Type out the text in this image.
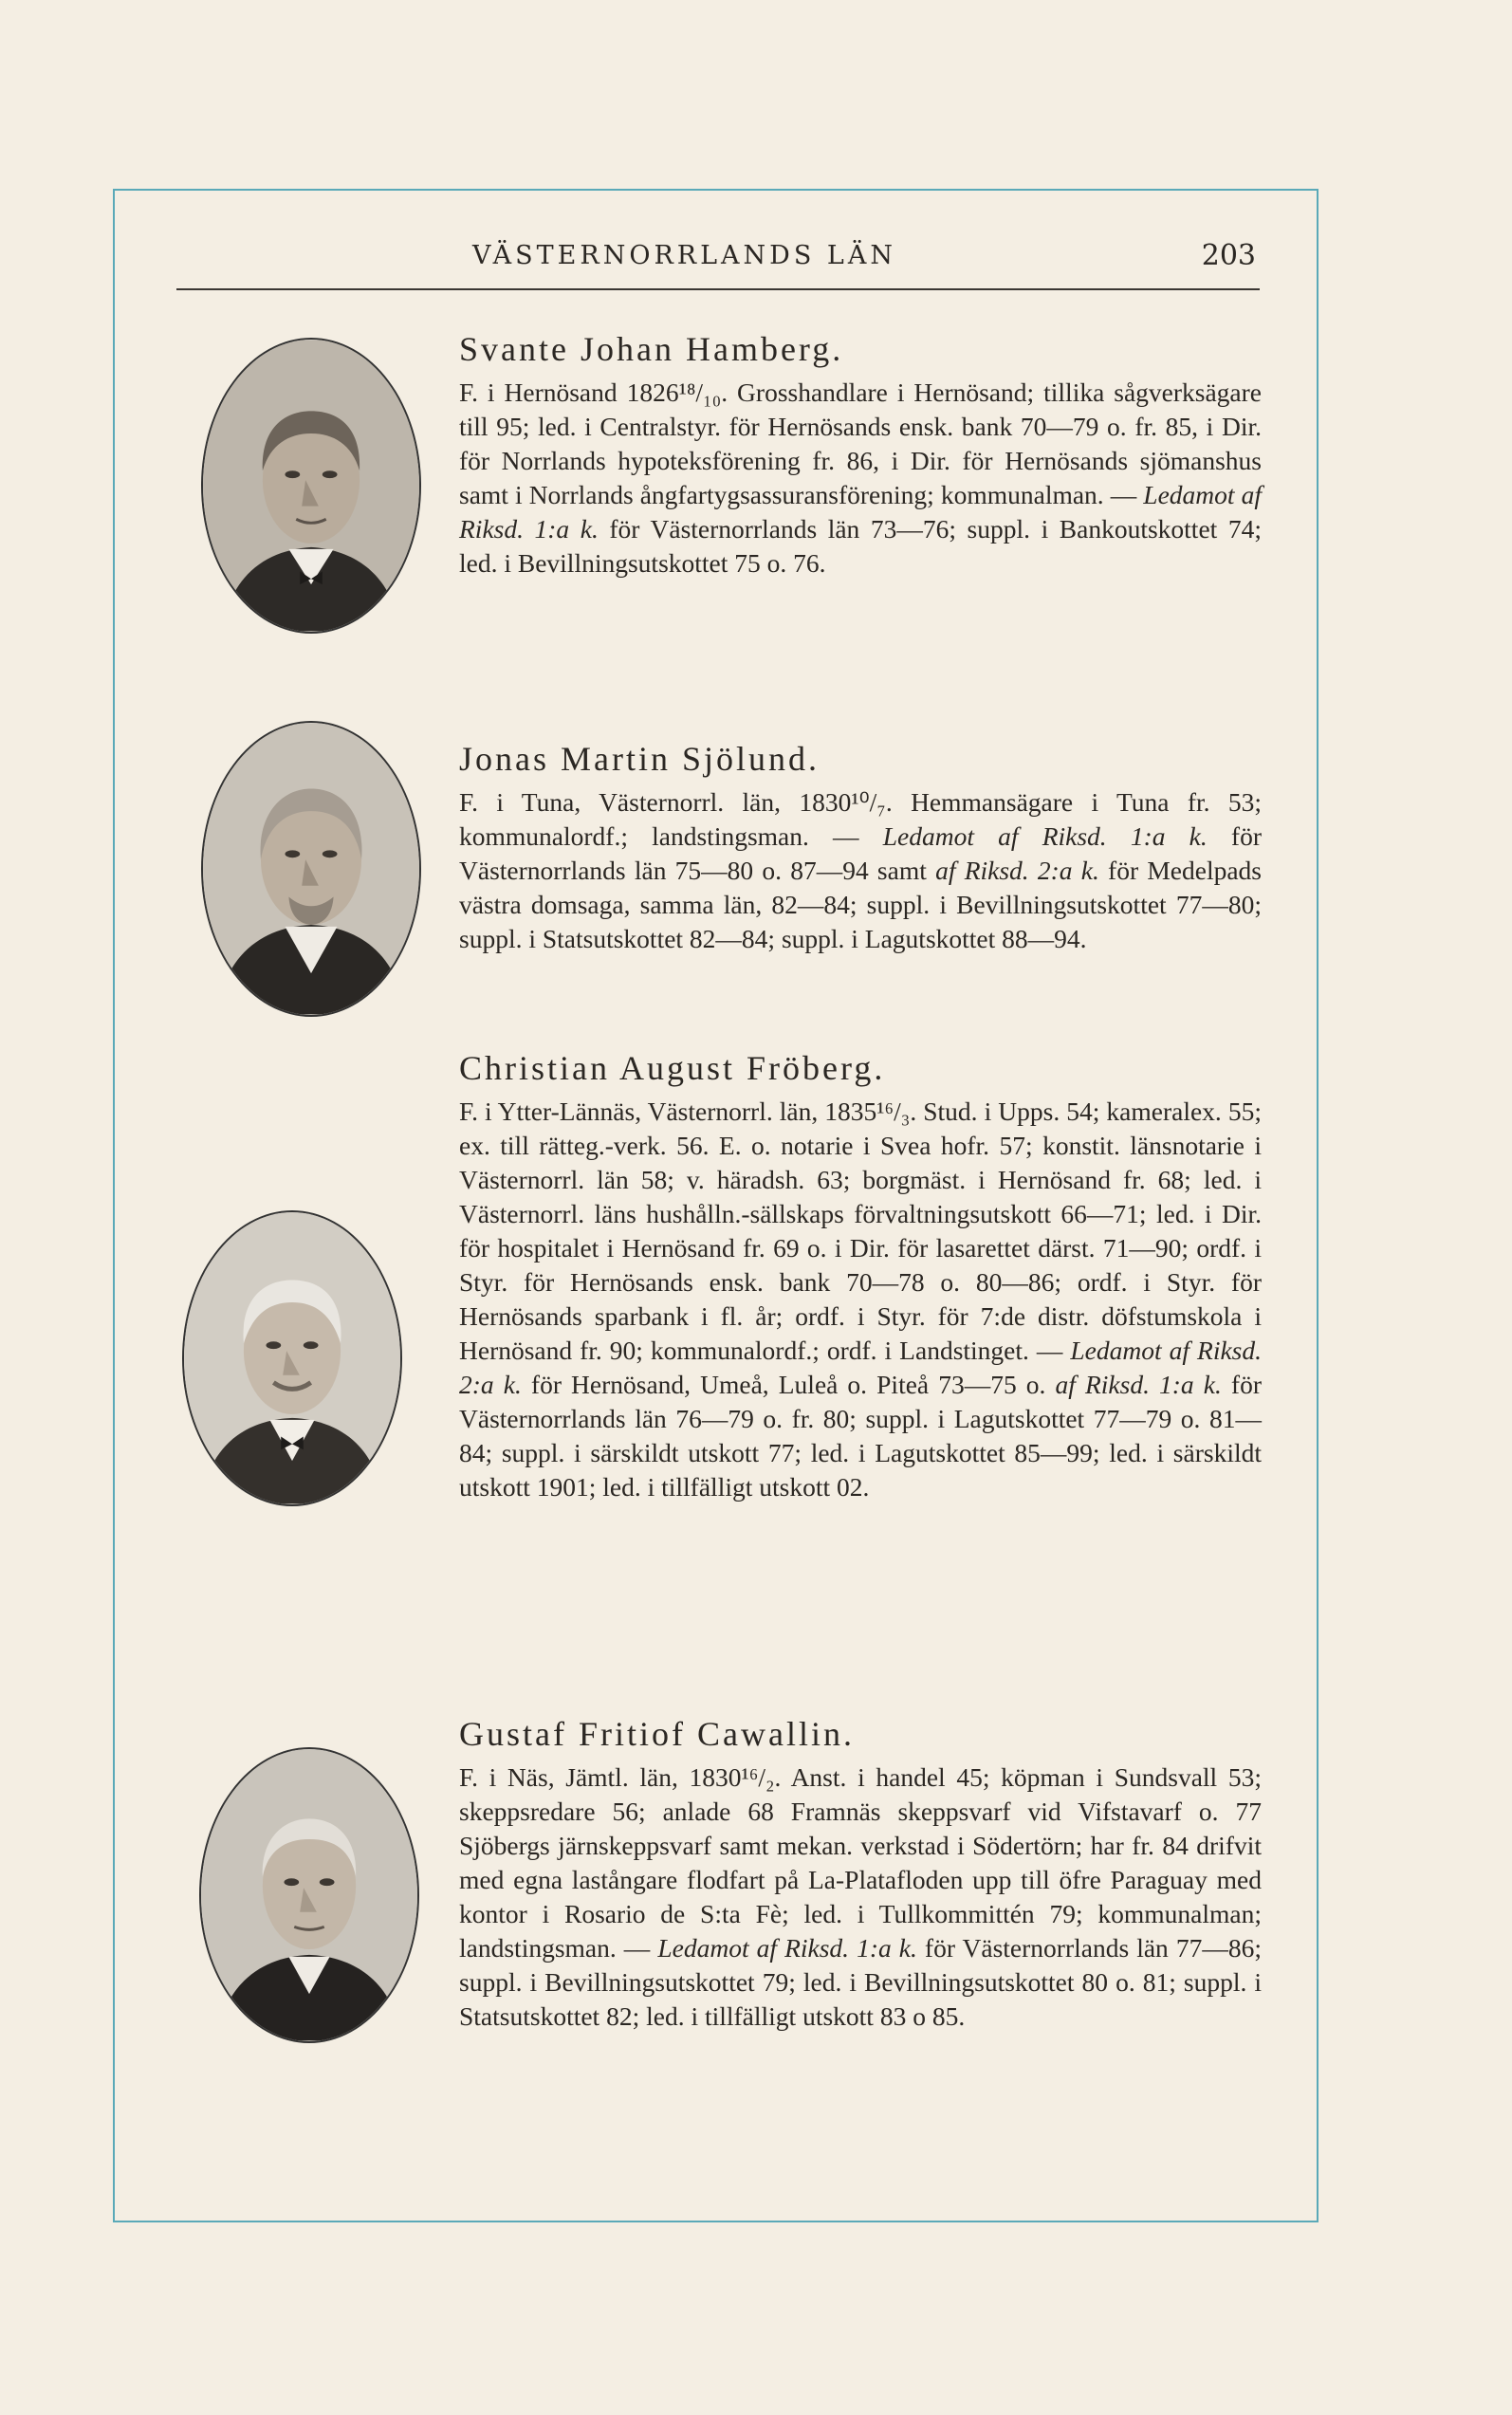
VÄSTERNORRLANDS LÄN	203
Svante Johan Hamberg.

F. i Hernösand 1826¹⁸/₁₀. Grosshandlare i Hernösand; tillika sågverksägare till 95; led. i Centralstyr. för Hernösands ensk. bank 70—79 o. fr. 85, i Dir. för Norrlands hypoteksförening fr. 86, i Dir. för Hernösands sjömanshus samt i Norrlands ångfartygsassuransförening; kommunalman. — Ledamot af Riksd. 1:a k. för Västernorrlands län 73—76; suppl. i Bankoutskottet 74; led. i Bevillningsutskottet 75 o. 76.

Jonas Martin Sjölund.

F. i Tuna, Västernorrl. län, 1830¹⁰/₇. Hemmansägare i Tuna fr. 53; kommunalordf.; landstingsman. — Ledamot af Riksd. 1:a k. för Västernorrlands län 75—80 o. 87—94 samt af Riksd. 2:a k. för Medelpads västra domsaga, samma län, 82—84; suppl. i Bevillningsutskottet 77—80; suppl. i Statsutskottet 82—84; suppl. i Lagutskottet 88—94.

Christian August Fröberg.

F. i Ytter-Lännäs, Västernorrl. län, 1835¹⁶/₃. Stud. i Upps. 54; kameralex. 55; ex. till rätteg.-verk. 56. E. o. notarie i Svea hofr. 57; konstit. länsnotarie i Västernorrl. län 58; v. häradsh. 63; borgmäst. i Hernösand fr. 68; led. i Västernorrl. läns hushålln.-sällskaps förvaltningsutskott 66—71; led. i Dir. för hospitalet i Hernösand fr. 69 o. i Dir. för lasarettet därst. 71—90; ordf. i Styr. för Hernösands ensk. bank 70—78 o. 80—86; ordf. i Styr. för Hernösands sparbank i fl. år; ordf. i Styr. för 7:de distr. döfstumskola i Hernösand fr. 90; kommunalordf.; ordf. i Landstinget. — Ledamot af Riksd. 2:a k. för Hernösand, Umeå, Luleå o. Piteå 73—75 o. af Riksd. 1:a k. för Västernorrlands län 76—79 o. fr. 80; suppl. i Lagutskottet 77—79 o. 81—84; suppl. i särskildt utskott 77; led. i Lagutskottet 85—99; led. i särskildt utskott 1901; led. i tillfälligt utskott 02.

Gustaf Fritiof Cawallin.

F. i Näs, Jämtl. län, 1830¹⁶/₂. Anst. i handel 45; köpman i Sundsvall 53; skeppsredare 56; anlade 68 Framnäs skeppsvarf vid Vifstavarf o. 77 Sjöbergs järnskeppsvarf samt mekan. verkstad i Södertörn; har fr. 84 drifvit med egna lastångare flodfart på La-Platafloden upp till öfre Paraguay med kontor i Rosario de S:ta Fè; led. i Tullkommittén 79; kommunalman; landstingsman. — Ledamot af Riksd. 1:a k. för Västernorrlands län 77—86; suppl. i Bevillningsutskottet 79; led. i Bevillningsutskottet 80 o. 81; suppl. i Statsutskottet 82; led. i tillfälligt utskott 83 o 85.
